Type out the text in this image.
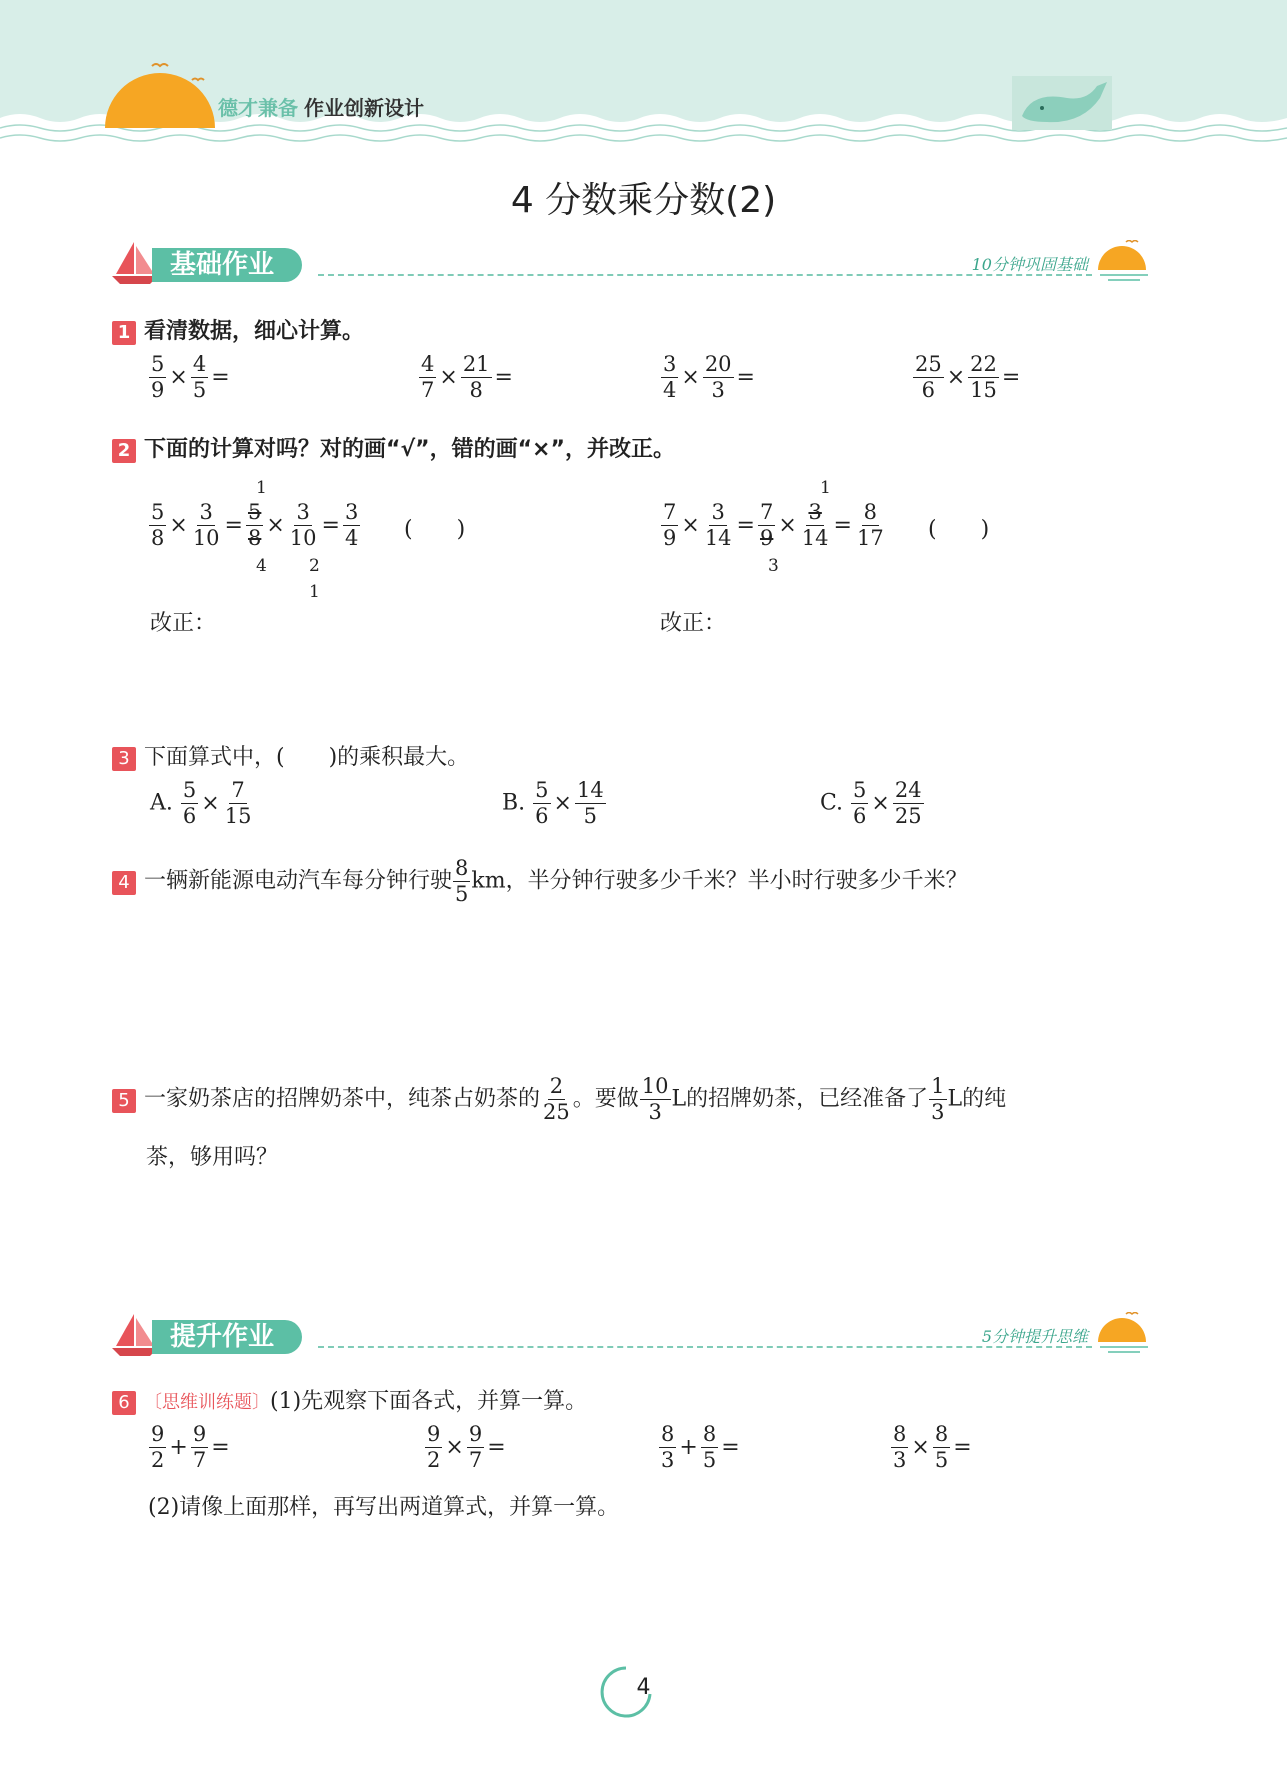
德才兼备 作业创新设计
4 分数乘分数(2)
基础作业	10分钟巩固基础
1 看清数据，细心计算。
$\frac{5}{9} \times \frac{4}{5}$ =	$\frac{4}{7} \times \frac{21}{8}$ =	$\frac{3}{4} \times \frac{20}{3}$ =	$\frac{25}{6} \times \frac{22}{15}$ =
2 下面的计算对吗？对的画“√”，错的画“×”，并改正。
$\frac{5}{8} \times \frac{3}{10} = \frac{5}{8} \times \frac{3}{10} = \frac{3}{4}$
1
4 2
1
(　　)
改正：
$\frac{7}{9} \times \frac{3}{14} = \frac{7}{9} \times \frac{3}{14} = \frac{8}{17}$
1
3
(　　)
改正：
3 下面算式中，(　　)的乘积最大。
A. $\frac{5}{6} \times \frac{7}{15}$	B. $\frac{5}{6} \times \frac{14}{5}$	C. $\frac{5}{6} \times \frac{24}{25}$
4 一辆新能源电动汽车每分钟行驶 $\frac{8}{5}$ km，半分钟行驶多少千米？半小时行驶多少千米？
5 一家奶茶店的招牌奶茶中，纯茶占奶茶的 $\frac{2}{25}$ 。要做 $\frac{10}{3}$ L的招牌奶茶，已经准备了 $\frac{1}{3}$ L的纯
茶，够用吗？
提升作业	5分钟提升思维
6 〔思维训练题〕(1)先观察下面各式，并算一算。
$\frac{9}{2} + \frac{9}{7}$ =	$\frac{9}{2} \times \frac{9}{7}$ =	$\frac{8}{3} + \frac{8}{5}$ =	$\frac{8}{3} \times \frac{8}{5}$ =
(2)请像上面那样，再写出两道算式，并算一算。
4
